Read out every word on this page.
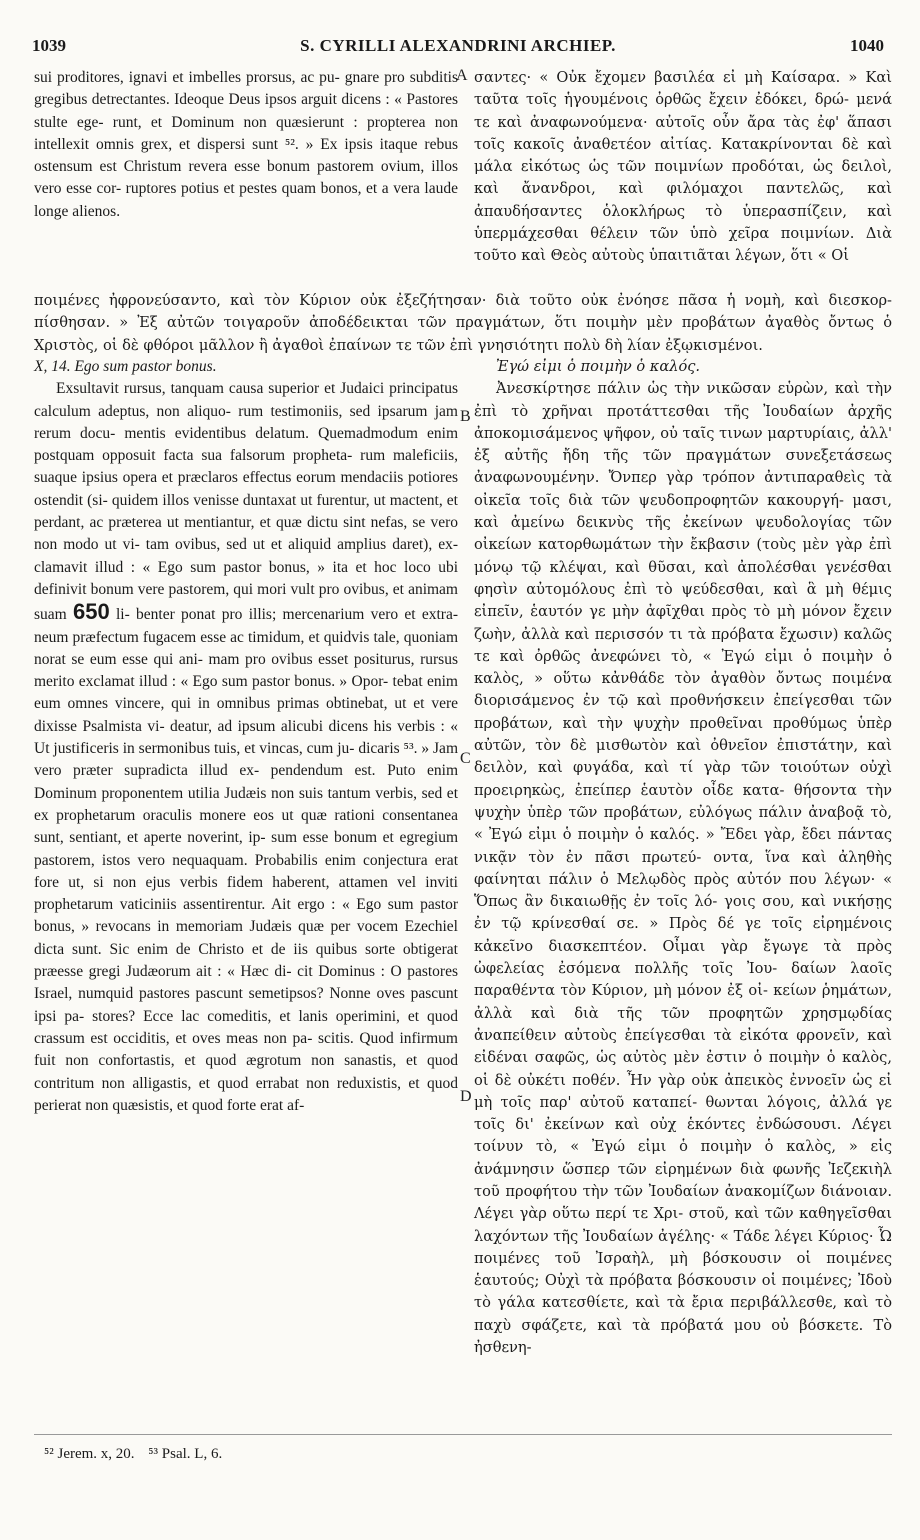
1039	S. CYRILLI ALEXANDRINI ARCHIEP.	1040

sui proditores, ignavi et imbelles prorsus, ac pu- gnare pro subditis gregibus detrectantes. Ideoque Deus ipsos arguit dicens : « Pastores stulte ege- runt, et Dominum non quæsierunt : propterea non intellexit omnis grex, et dispersi sunt ⁵². » Ex ipsis itaque rebus ostensum est Christum revera esse bonum pastorem ovium, illos vero esse cor- ruptores potius et pestes quam bonos, et a vera laude longe alienos.

σαντες· « Οὐκ ἔχομεν βασιλέα εἰ μὴ Καίσαρα. » Καὶ ταῦτα τοῖς ἡγουμένοις ὀρθῶς ἔχειν ἐδόκει, δρώ- μενά τε καὶ ἀναφωνούμενα· αὐτοῖς οὖν ἄρα τὰς ἐφ' ἅπασι τοῖς κακοῖς ἀναθετέον αἰτίας. Κατακρίνονται δὲ καὶ μάλα εἰκότως ὡς τῶν ποιμνίων προδόται, ὡς δειλοὶ, καὶ ἄνανδροι, καὶ φιλόμαχοι παντελῶς, καὶ ἀπαυδήσαντες ὁλοκλήρως τὸ ὑπερασπίζειν, καὶ ὑπερμάχεσθαι θέλειν τῶν ὑπὸ χεῖρα ποιμνίων. Διὰ τοῦτο καὶ Θεὸς αὐτοὺς ὑπαιτιᾶται λέγων, ὅτι « Οἱ

ποιμένες ἠφρονεύσαντο, καὶ τὸν Κύριον οὐκ ἐξεζήτησαν· διὰ τοῦτο οὐκ ἐνόησε πᾶσα ἡ νομὴ, καὶ διεσκορ- πίσθησαν. » Ἐξ αὐτῶν τοιγαροῦν ἀποδέδεικται τῶν πραγμάτων, ὅτι ποιμὴν μὲν προβάτων ἀγαθὸς ὄντως ὁ Χριστὸς, οἱ δὲ φθόροι μᾶλλον ἢ ἀγαθοὶ ἐπαίνων τε τῶν ἐπὶ γνησιότητι πολὺ δὴ λίαν ἐξῳκισμένοι.

A
B
C
D

X, 14. Ego sum pastor bonus.

Exsultavit rursus, tanquam causa superior et Judaici principatus calculum adeptus, non aliquo- rum testimoniis, sed ipsarum jam rerum docu- mentis evidentibus delatum. Quemadmodum enim postquam opposuit facta sua falsorum propheta- rum maleficiis, suaque ipsius opera et præclaros effectus eorum mendaciis potiores ostendit (si- quidem illos venisse duntaxat ut furentur, ut mactent, et perdant, ac præterea ut mentiantur, et quæ dictu sint nefas, se vero non modo ut vi- tam ovibus, sed ut et aliquid amplius daret), ex- clamavit illud : « Ego sum pastor bonus, » ita et hoc loco ubi definivit bonum vere pastorem, qui mori vult pro ovibus, et animam suam 650 li- benter ponat pro illis; mercenarium vero et extra- neum præfectum fugacem esse ac timidum, et quidvis tale, quoniam norat se eum esse qui ani- mam pro ovibus esset positurus, rursus merito exclamat illud : « Ego sum pastor bonus. » Opor- tebat enim eum omnes vincere, qui in omnibus primas obtinebat, ut et vere dixisse Psalmista vi- deatur, ad ipsum alicubi dicens his verbis : « Ut justificeris in sermonibus tuis, et vincas, cum ju- dicaris ⁵³. » Jam vero præter supradicta illud ex- pendendum est. Puto enim Dominum proponentem utilia Judæis non suis tantum verbis, sed et ex prophetarum oraculis monere eos ut quæ rationi consentanea sunt, sentiant, et aperte noverint, ip- sum esse bonum et egregium pastorem, istos vero nequaquam. Probabilis enim conjectura erat fore ut, si non ejus verbis fidem haberent, attamen vel inviti prophetarum vaticiniis assentirentur. Ait ergo : « Ego sum pastor bonus, » revocans in memoriam Judæis quæ per vocem Ezechiel dicta sunt. Sic enim de Christo et de iis quibus sorte obtigerat præesse gregi Judæorum ait : « Hæc di- cit Dominus : O pastores Israel, numquid pastores pascunt semetipsos? Nonne oves pascunt ipsi pa- stores? Ecce lac comeditis, et lanis operimini, et quod crassum est occiditis, et oves meas non pa- scitis. Quod infirmum fuit non confortastis, et quod ægrotum non sanastis, et quod contritum non alligastis, et quod errabat non reduxistis, et quod perierat non quæsistis, et quod forte erat af-

Ἐγώ εἰμι ὁ ποιμὴν ὁ καλός.

Ἀνεσκίρτησε πάλιν ὡς τὴν νικῶσαν εὑρὼν, καὶ τὴν ἐπὶ τὸ χρῆναι προτάττεσθαι τῆς Ἰουδαίων ἀρχῆς ἀποκομισάμενος ψῆφον, οὐ ταῖς τινων μαρτυρίαις, ἀλλ' ἐξ αὐτῆς ἤδη τῆς τῶν πραγμάτων συνεξετάσεως ἀναφωνουμένην. Ὄνπερ γὰρ τρόπον ἀντιπαραθεὶς τὰ οἰκεῖα τοῖς διὰ τῶν ψευδοπροφητῶν κακουργή- μασι, καὶ ἀμείνω δεικνὺς τῆς ἐκείνων ψευδολογίας τῶν οἰκείων κατορθωμάτων τὴν ἔκβασιν (τοὺς μὲν γὰρ ἐπὶ μόνῳ τῷ κλέψαι, καὶ θῦσαι, καὶ ἀπολέσθαι γενέσθαι φησὶν αὐτομόλους ἐπὶ τὸ ψεύδεσθαι, καὶ ἃ μὴ θέμις εἰπεῖν, ἑαυτόν γε μὴν ἀφῖχθαι πρὸς τὸ μὴ μόνον ἔχειν ζωὴν, ἀλλὰ καὶ περισσόν τι τὰ πρόβατα ἔχωσιν) καλῶς τε καὶ ὀρθῶς ἀνεφώνει τὸ, « Ἐγώ εἰμι ὁ ποιμὴν ὁ καλὸς, » οὕτω κἀνθάδε τὸν ἀγαθὸν ὄντως ποιμένα διορισάμενος ἐν τῷ καὶ προθνήσκειν ἐπείγεσθαι τῶν προβάτων, καὶ τὴν ψυχὴν προθεῖναι προθύμως ὑπὲρ αὐτῶν, τὸν δὲ μισθωτὸν καὶ ὀθνεῖον ἐπιστάτην, καὶ δειλὸν, καὶ φυγάδα, καὶ τί γὰρ τῶν τοιούτων οὐχὶ προειρηκὼς, ἐπείπερ ἑαυτὸν οἶδε κατα- θήσοντα τὴν ψυχὴν ὑπὲρ τῶν προβάτων, εὐλόγως πάλιν ἀναβοᾷ τὸ, « Ἐγώ εἰμι ὁ ποιμὴν ὁ καλός. » Ἔδει γὰρ, ἔδει πάντας νικᾷν τὸν ἐν πᾶσι πρωτεύ- οντα, ἵνα καὶ ἀληθὴς φαίνηται πάλιν ὁ Μελῳδὸς πρὸς αὐτόν που λέγων· « Ὅπως ἂν δικαιωθῇς ἐν τοῖς λό- γοις σου, καὶ νικήσῃς ἐν τῷ κρίνεσθαί σε. » Πρὸς δέ γε τοῖς εἰρημένοις κἀκεῖνο διασκεπτέον. Οἶμαι γὰρ ἔγωγε τὰ πρὸς ὠφελείας ἐσόμενα πολλῆς τοῖς Ἰου- δαίων λαοῖς παραθέντα τὸν Κύριον, μὴ μόνον ἐξ οἰ- κείων ῥημάτων, ἀλλὰ καὶ διὰ τῆς τῶν προφητῶν χρησμῳδίας ἀναπείθειν αὐτοὺς ἐπείγεσθαι τὰ εἰκότα φρονεῖν, καὶ εἰδέναι σαφῶς, ὡς αὐτὸς μὲν ἐστιν ὁ ποιμὴν ὁ καλὸς, οἱ δὲ οὐκέτι ποθέν. Ἦν γὰρ οὐκ ἀπεικὸς ἐννοεῖν ὡς εἰ μὴ τοῖς παρ' αὐτοῦ καταπεί- θωνται λόγοις, ἀλλά γε τοῖς δι' ἐκείνων καὶ οὐχ ἑκόντες ἐνδώσουσι. Λέγει τοίνυν τὸ, « Ἐγώ εἰμι ὁ ποιμὴν ὁ καλὸς, » εἰς ἀνάμνησιν ὥσπερ τῶν εἰρημένων διὰ φωνῆς Ἰεζεκιὴλ τοῦ προφήτου τὴν τῶν Ἰουδαίων ἀνακομίζων διάνοιαν. Λέγει γὰρ οὕτω περί τε Χρι- στοῦ, καὶ τῶν καθηγεῖσθαι λαχόντων τῆς Ἰουδαίων ἀγέλης· « Τάδε λέγει Κύριος· Ὦ ποιμένες τοῦ Ἰσραὴλ, μὴ βόσκουσιν οἱ ποιμένες ἑαυτούς; Οὐχὶ τὰ πρόβατα βόσκουσιν οἱ ποιμένες; Ἰδοὺ τὸ γάλα κατεσθίετε, καὶ τὰ ἔρια περιβάλλεσθε, καὶ τὸ παχὺ σφάζετε, καὶ τὰ πρόβατά μου οὐ βόσκετε. Τὸ ἠσθενη-

⁵² Jerem. x, 20. ⁵³ Psal. L, 6.
